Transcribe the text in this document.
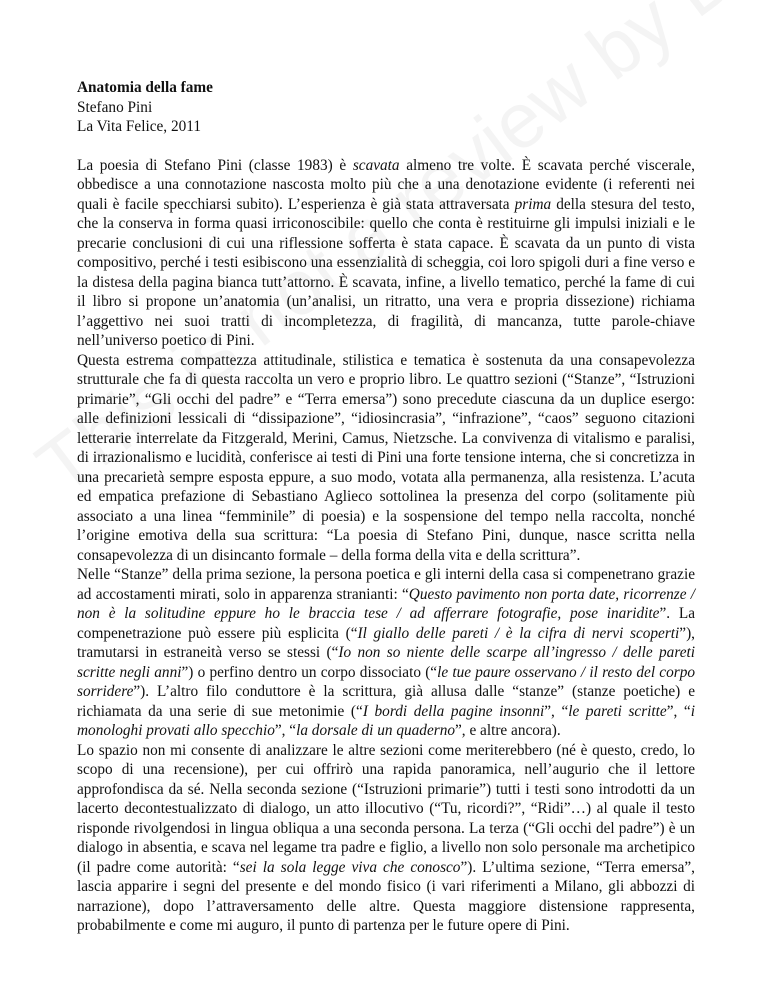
Anatomia della fame

Stefano Pini

La Vita Felice, 2011

La poesia di Stefano Pini (classe 1983) è scavata almeno tre volte. È scavata perché viscerale, obbedisce a una connotazione nascosta molto più che a una denotazione evidente (i referenti nei quali è facile specchiarsi subito). L’esperienza è già stata attraversata prima della stesura del testo, che la conserva in forma quasi irriconoscibile: quello che conta è restituirne gli impulsi iniziali e le precarie conclusioni di cui una riflessione sofferta è stata capace. È scavata da un punto di vista compositivo, perché i testi esibiscono una essenzialità di scheggia, coi loro spigoli duri a fine verso e la distesa della pagina bianca tutt’attorno. È scavata, infine, a livello tematico, perché la fame di cui il libro si propone un’anatomia (un’analisi, un ritratto, una vera e propria dissezione) richiama l’aggettivo nei suoi tratti di incompletezza, di fragilità, di mancanza, tutte parole-chiave nell’universo poetico di Pini.

Questa estrema compattezza attitudinale, stilistica e tematica è sostenuta da una consapevolezza strutturale che fa di questa raccolta un vero e proprio libro. Le quattro sezioni (“Stanze”, “Istruzioni primarie”, “Gli occhi del padre” e “Terra emersa”) sono precedute ciascuna da un duplice esergo: alle definizioni lessicali di “dissipazione”, “idiosincrasia”, “infrazione”, “caos” seguono citazioni letterarie interrelate da Fitzgerald, Merini, Camus, Nietzsche. La convivenza di vitalismo e paralisi, di irrazionalismo e lucidità, conferisce ai testi di Pini una forte tensione interna, che si concretizza in una precarietà sempre esposta eppure, a suo modo, votata alla permanenza, alla resistenza. L’acuta ed empatica prefazione di Sebastiano Aglieco sottolinea la presenza del corpo (solitamente più associato a una linea “femminile” di poesia) e la sospensione del tempo nella raccolta, nonché l’origine emotiva della sua scrittura: “La poesia di Stefano Pini, dunque, nasce scritta nella consapevolezza di un disincanto formale – della forma della vita e della scrittura”.

Nelle “Stanze” della prima sezione, la persona poetica e gli interni della casa si compenetrano grazie ad accostamenti mirati, solo in apparenza stranianti: “Questo pavimento non porta date, ricorrenze / non è la solitudine eppure ho le braccia tese / ad afferrare fotografie, pose inaridite”. La compenetrazione può essere più esplicita (“Il giallo delle pareti / è la cifra di nervi scoperti”), tramutarsi in estraneità verso se stessi (“Io non so niente delle scarpe all’ingresso / delle pareti scritte negli anni”) o perfino dentro un corpo dissociato (“le tue paure osservano / il resto del corpo sorridere”). L’altro filo conduttore è la scrittura, già allusa dalle “stanze” (stanze poetiche) e richiamata da una serie di sue metonimie (“I bordi della pagine insonni”, “le pareti scritte”, “i monologhi provati allo specchio”, “la dorsale di un quaderno”, e altre ancora).

Lo spazio non mi consente di analizzare le altre sezioni come meriterebbero (né è questo, credo, lo scopo di una recensione), per cui offrirò una rapida panoramica, nell’augurio che il lettore approfondisca da sé. Nella seconda sezione (“Istruzioni primarie”) tutti i testi sono introdotti da un lacerto decontestualizzato di dialogo, un atto illocutivo (“Tu, ricordi?”, “Ridi”…) al quale il testo risponde rivolgendosi in lingua obliqua a una seconda persona. La terza (“Gli occhi del padre”) è un dialogo in absentia, e scava nel legame tra padre e figlio, a livello non solo personale ma archetipico (il padre come autorità: “sei la sola legge viva che conosco”). L’ultima sezione, “Terra emersa”, lascia apparire i segni del presente e del mondo fisico (i vari riferimenti a Milano, gli abbozzi di narrazione), dopo l’attraversamento delle altre. Questa maggiore distensione rappresenta, probabilmente e come mi auguro, il punto di partenza per le future opere di Pini.
